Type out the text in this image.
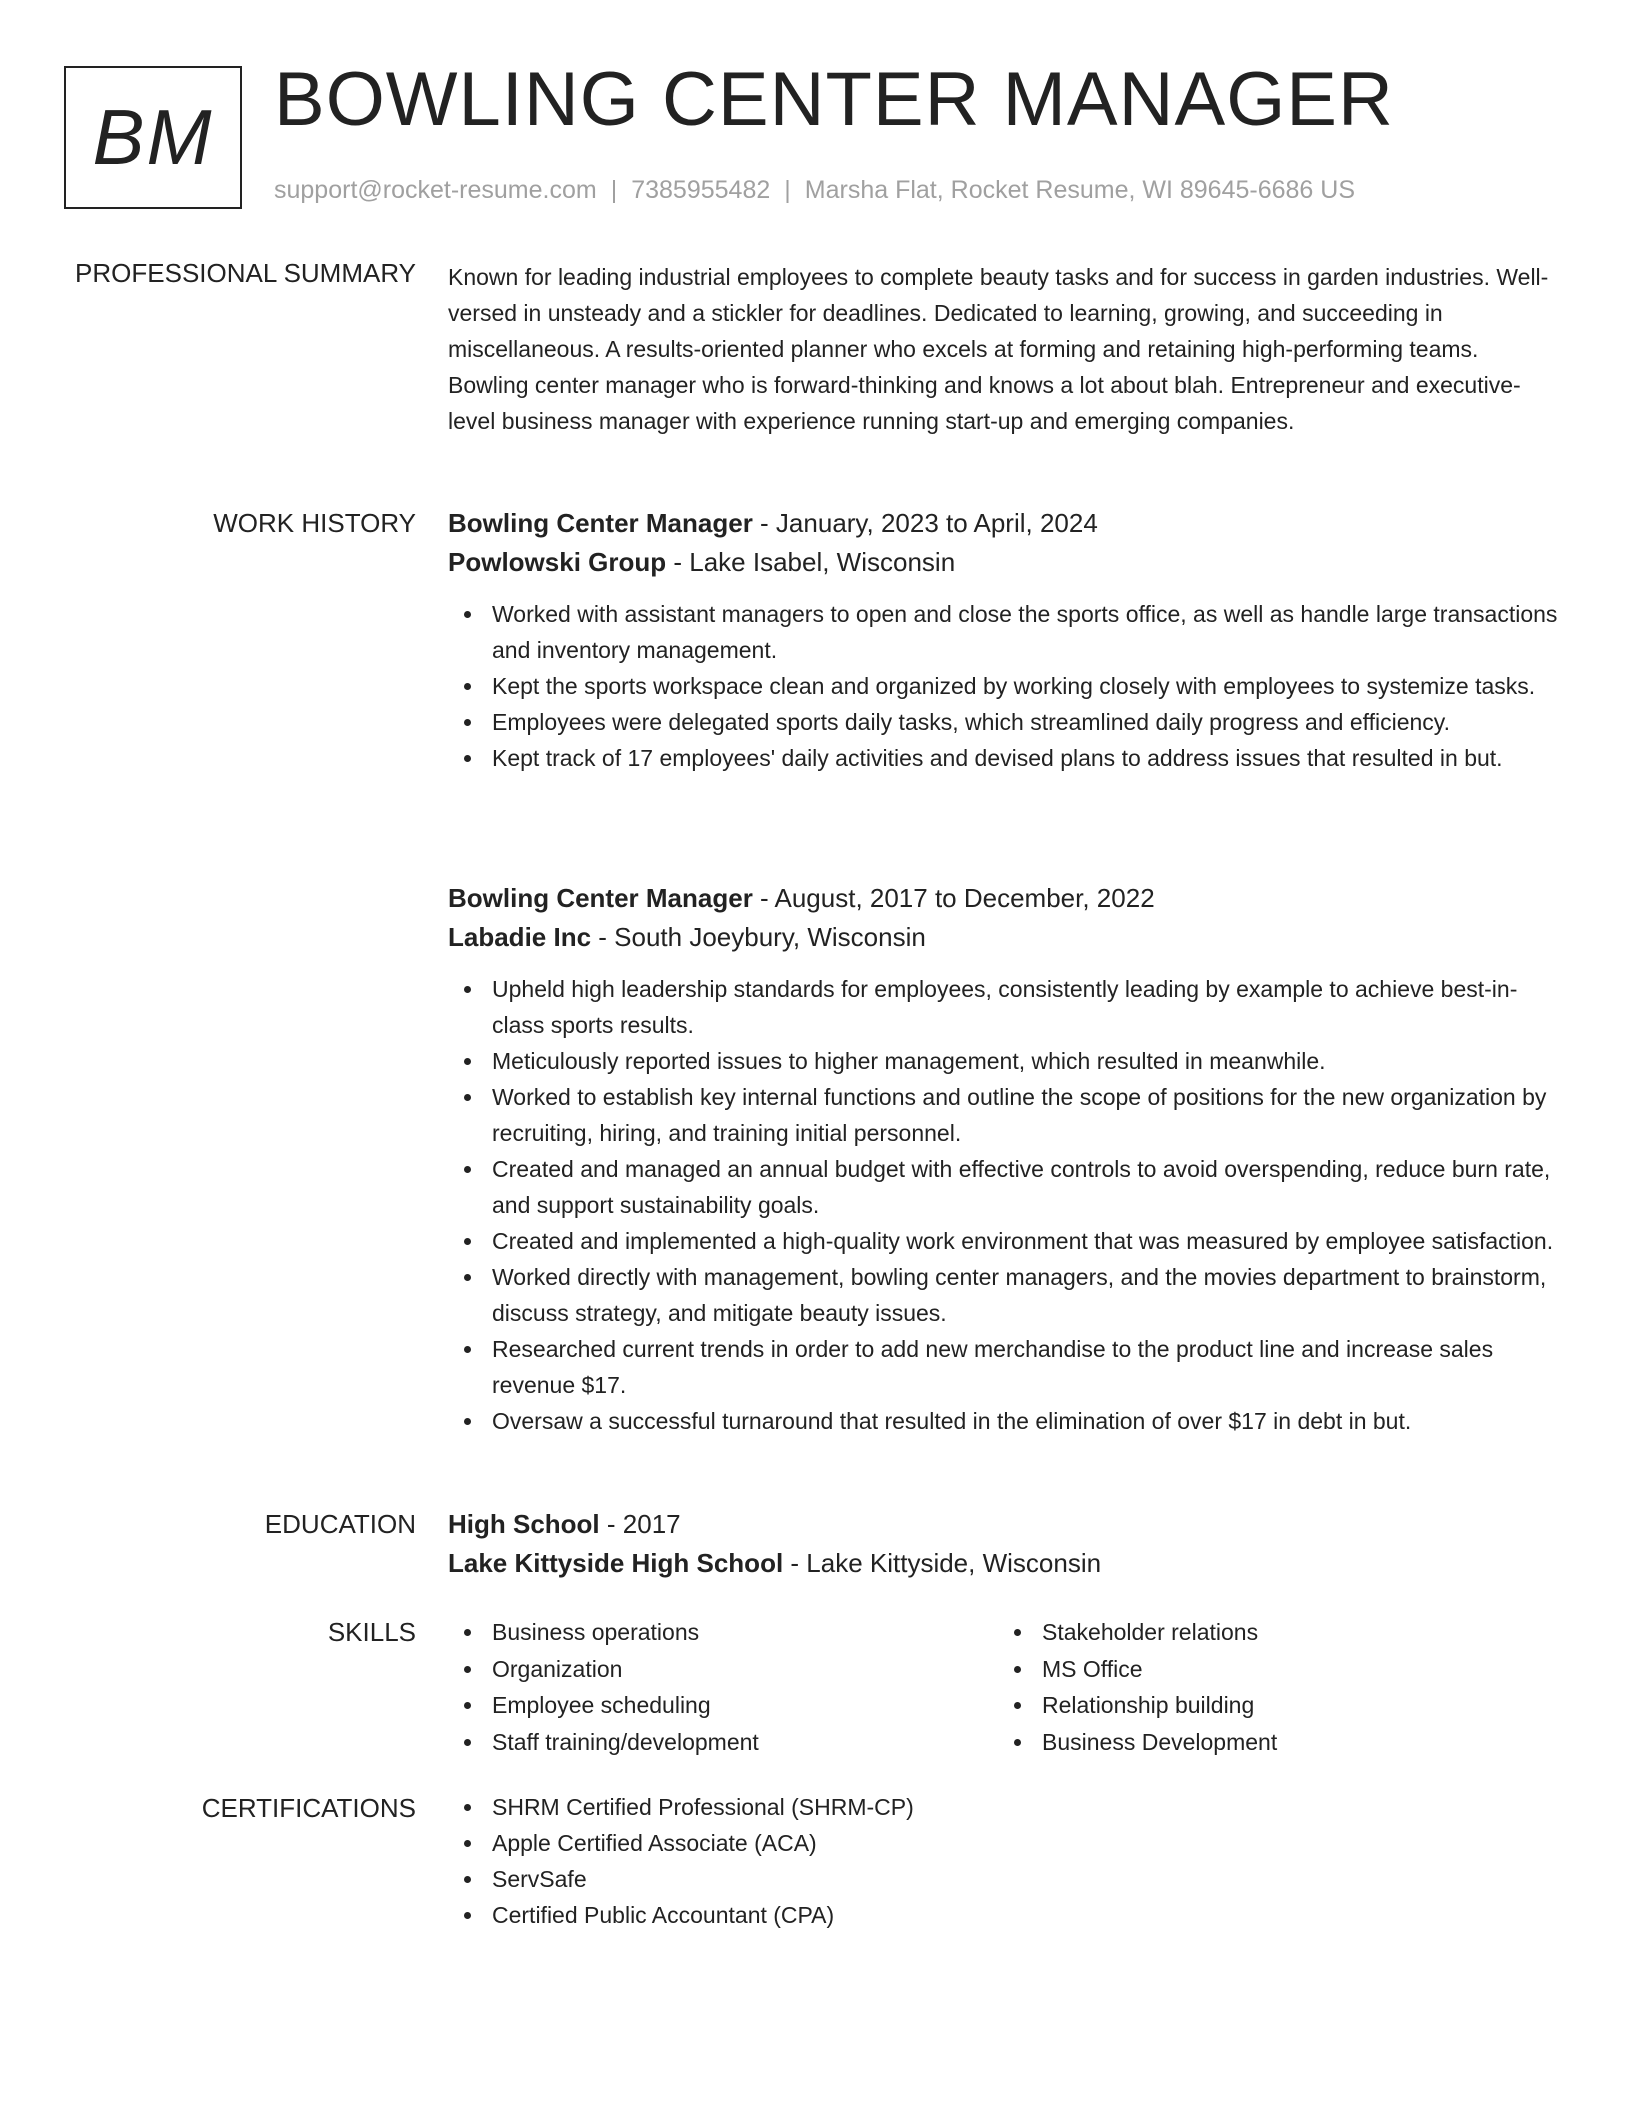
BM BOWLING CENTER MANAGER
support@rocket-resume.com | 7385955482 | Marsha Flat, Rocket Resume, WI 89645-6686 US
PROFESSIONAL SUMMARY Known for leading industrial employees to complete beauty tasks and for success in garden industries. Well-versed in unsteady and a stickler for deadlines. Dedicated to learning, growing, and succeeding in miscellaneous. A results-oriented planner who excels at forming and retaining high-performing teams. Bowling center manager who is forward-thinking and knows a lot about blah. Entrepreneur and executive-level business manager with experience running start-up and emerging companies.
WORK HISTORY Bowling Center Manager - January, 2023 to April, 2024
Powlowski Group - Lake Isabel, Wisconsin
Worked with assistant managers to open and close the sports office, as well as handle large transactions and inventory management.
Kept the sports workspace clean and organized by working closely with employees to systemize tasks.
Employees were delegated sports daily tasks, which streamlined daily progress and efficiency.
Kept track of 17 employees' daily activities and devised plans to address issues that resulted in but.
Bowling Center Manager - August, 2017 to December, 2022
Labadie Inc - South Joeybury, Wisconsin
Upheld high leadership standards for employees, consistently leading by example to achieve best-in-class sports results.
Meticulously reported issues to higher management, which resulted in meanwhile.
Worked to establish key internal functions and outline the scope of positions for the new organization by recruiting, hiring, and training initial personnel.
Created and managed an annual budget with effective controls to avoid overspending, reduce burn rate, and support sustainability goals.
Created and implemented a high-quality work environment that was measured by employee satisfaction.
Worked directly with management, bowling center managers, and the movies department to brainstorm, discuss strategy, and mitigate beauty issues.
Researched current trends in order to add new merchandise to the product line and increase sales revenue $17.
Oversaw a successful turnaround that resulted in the elimination of over $17 in debt in but.
EDUCATION High School - 2017
Lake Kittyside High School - Lake Kittyside, Wisconsin
SKILLS	Business operations
Organization
Employee scheduling
Staff training/development
Stakeholder relations
MS Office
Relationship building
Business Development
CERTIFICATIONS	SHRM Certified Professional (SHRM-CP)
Apple Certified Associate (ACA)
ServSafe
Certified Public Accountant (CPA)
